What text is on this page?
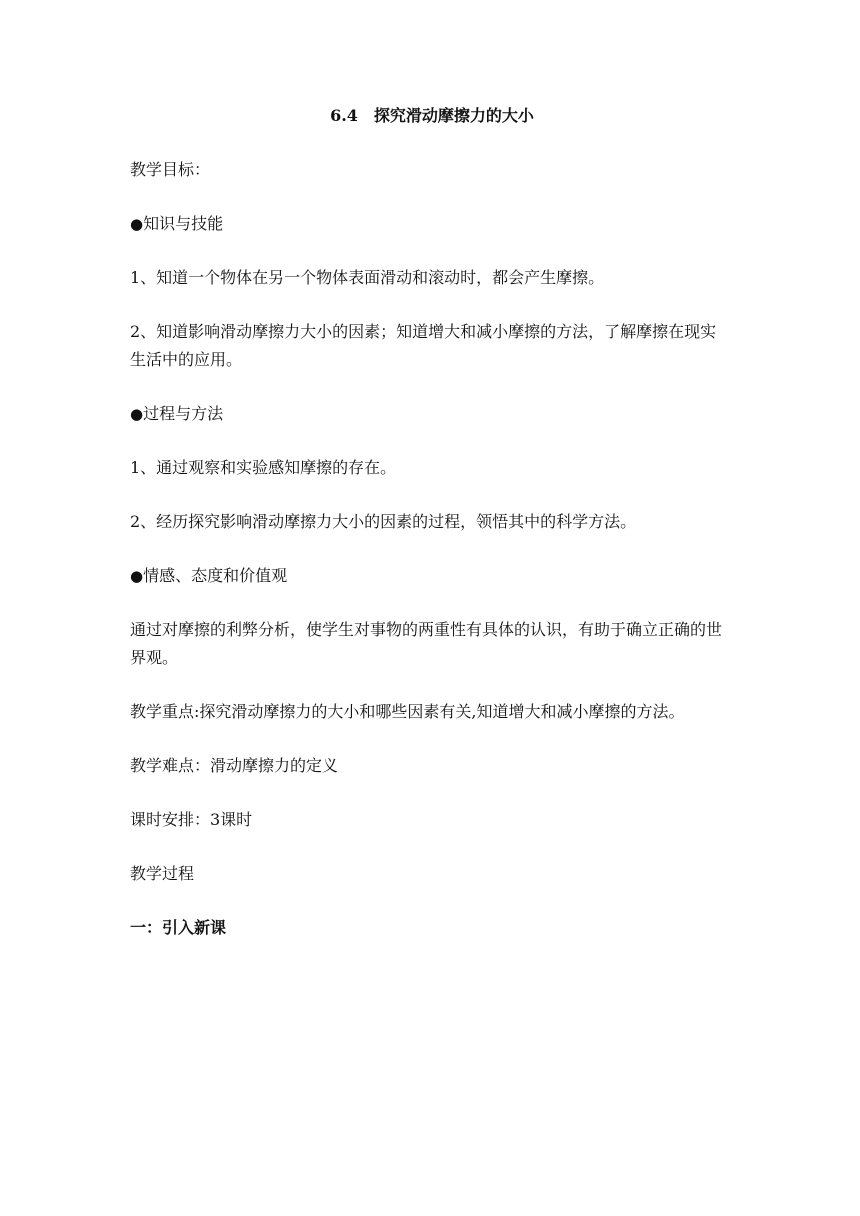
6.4　探究滑动摩擦力的大小
教学目标：
●知识与技能
1、知道一个物体在另一个物体表面滑动和滚动时，都会产生摩擦。
2、知道影响滑动摩擦力大小的因素；知道增大和减小摩擦的方法，了解摩擦在现实生活中的应用。
●过程与方法
1、通过观察和实验感知摩擦的存在。
2、经历探究影响滑动摩擦力大小的因素的过程，领悟其中的科学方法。
●情感、态度和价值观
通过对摩擦的利弊分析，使学生对事物的两重性有具体的认识，有助于确立正确的世界观。
教学重点:探究滑动摩擦力的大小和哪些因素有关,知道增大和减小摩擦的方法。
教学难点：滑动摩擦力的定义
课时安排：3课时
教学过程
一：引入新课
